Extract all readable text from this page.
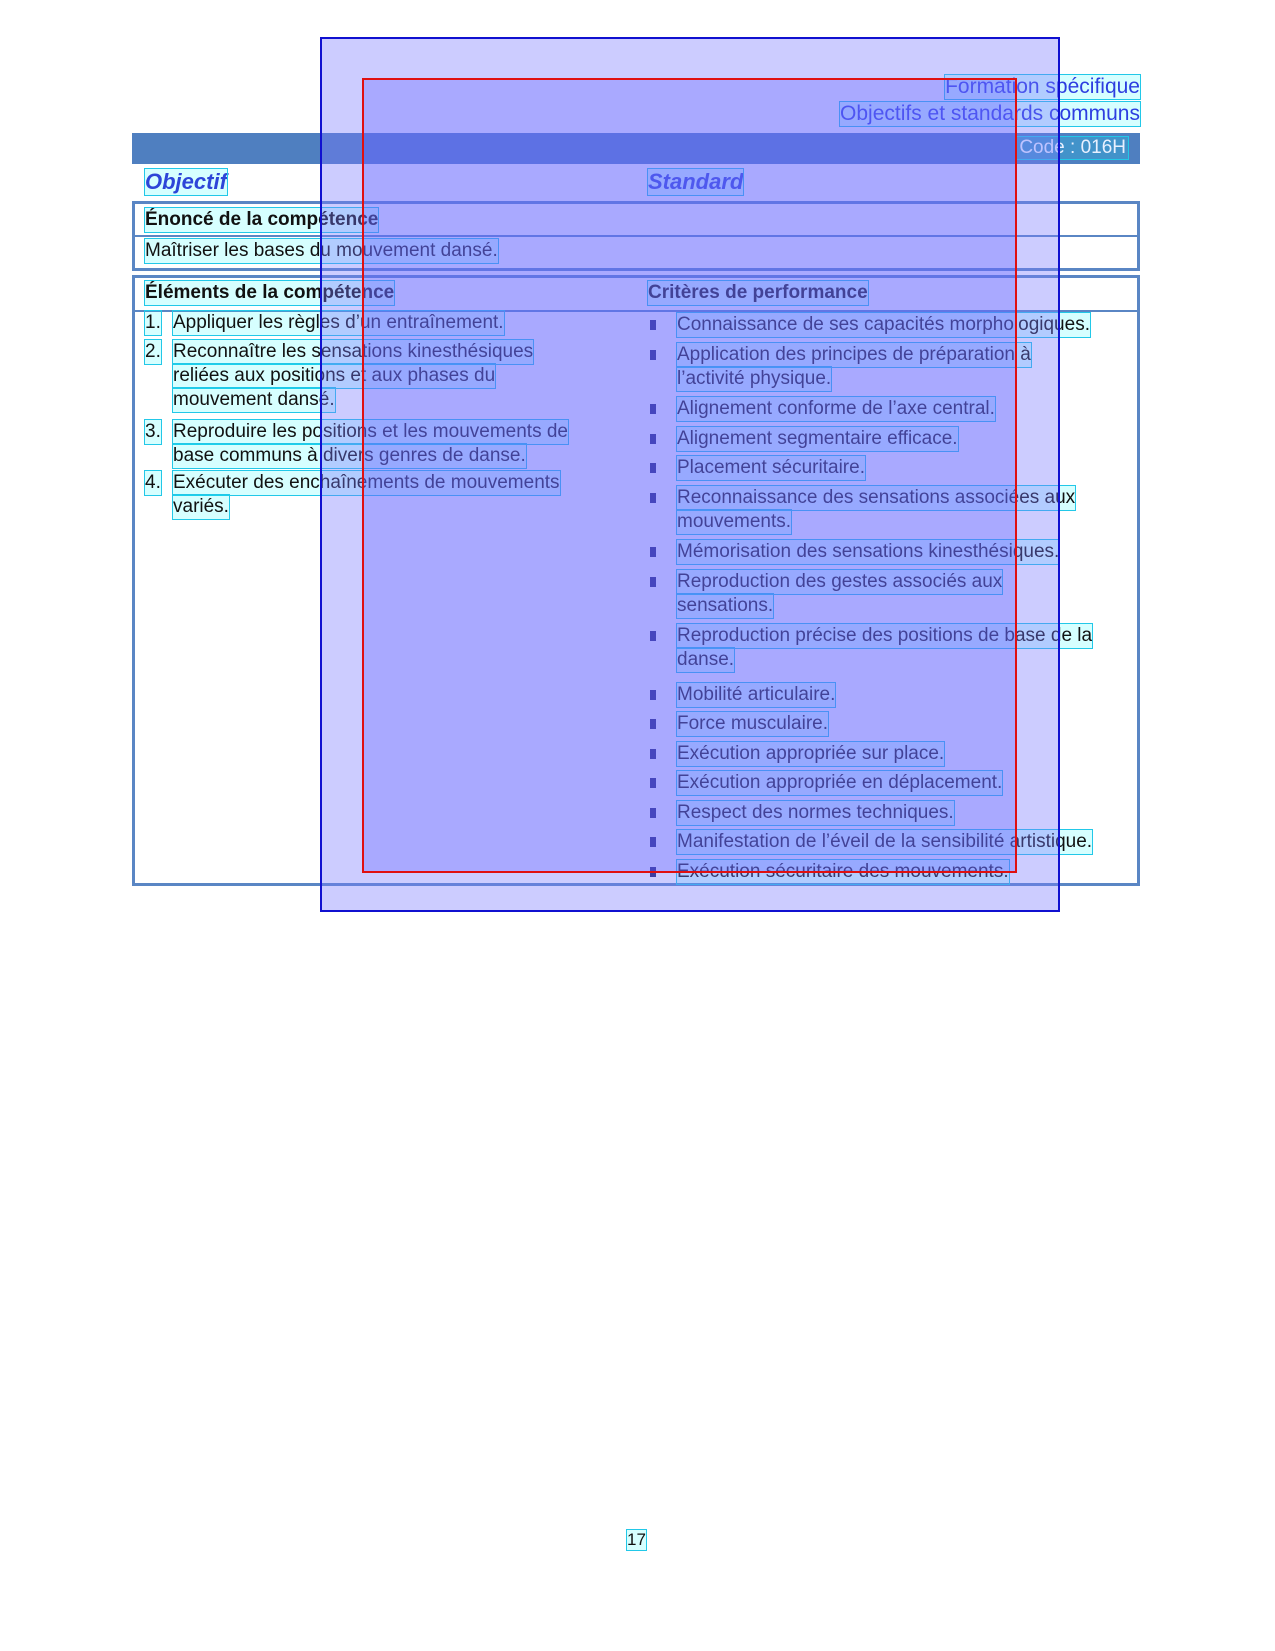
Formation spécifique
Objectifs et standards communs
Code : 016H
Objectif	Standard
Énoncé de la compétence
Maîtriser les bases du mouvement dansé.
Éléments de la compétence	Critères de performance
1. Appliquer les règles d’un entraînement.
2. Reconnaître les sensations kinesthésiques
reliées aux positions et aux phases du
mouvement dansé.
3. Reproduire les positions et les mouvements de
base communs à divers genres de danse.
4. Exécuter des enchaînements de mouvements
variés.
Connaissance de ses capacités morphologiques.
Application des principes de préparation à
l’activité physique.
Alignement conforme de l’axe central.
Alignement segmentaire efficace.
Placement sécuritaire.
Reconnaissance des sensations associées aux
mouvements.
Mémorisation des sensations kinesthésiques.
Reproduction des gestes associés aux
sensations.
Reproduction précise des positions de base de la
danse.
Mobilité articulaire.
Force musculaire.
Exécution appropriée sur place.
Exécution appropriée en déplacement.
Respect des normes techniques.
Manifestation de l’éveil de la sensibilité artistique.
Exécution sécuritaire des mouvements.
17
